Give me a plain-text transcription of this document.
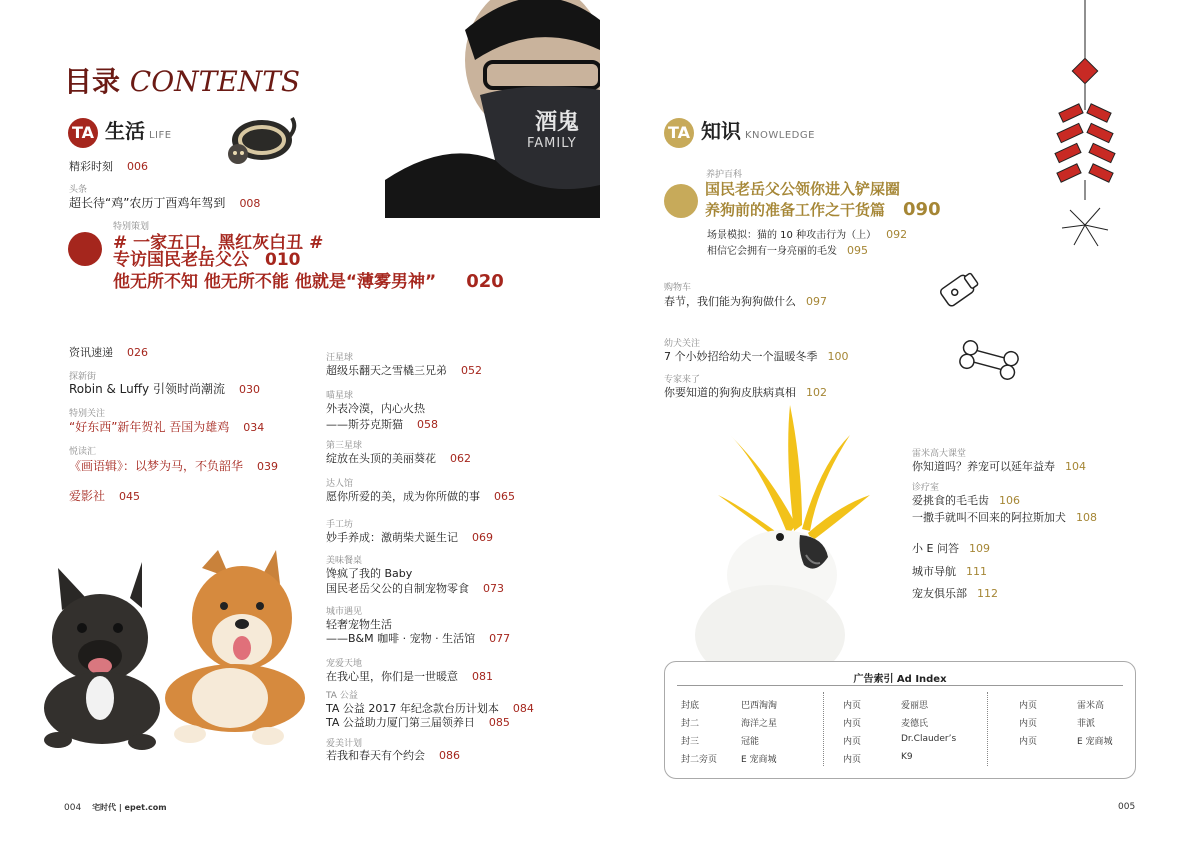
目录 CONTENTS
TA 生活 LIFE
精彩时刻 006
头条
超长待“鸡”农历丁酉鸡年驾到 008
特别策划
# 一家五口，黑红灰白丑 #
专访国民老岳父公 010
他无所不知 他无所不能 他就是“薄雾男神” 020
酒鬼
FAMILY
资讯速递 026
探新街
Robin & Luffy 引领时尚潮流 030
特别关注
“好东西”新年贺礼 吾国为雄鸡 034
悦读汇
《画语辑》：以梦为马，不负韶华 039
爱影社 045
汪星球
超级乐翻天之雪橇三兄弟 052
喵星球
外表冷漠，内心火热
——斯芬克斯猫 058
第三星球
绽放在头顶的美丽葵花 062
达人馆
愿你所爱的美，成为你所做的事 065
手工坊
妙手养成：激萌柴犬诞生记 069
美味餐桌
馋疯了我的 Baby
国民老岳父公的自制宠物零食 073
城市遇见
轻奢宠物生活
——B&M 咖啡 · 宠物 · 生活馆 077
宠爱天地
在我心里，你们是一世暖意 081
TA 公益
TA 公益 2017 年纪念款台历计划本 084
TA 公益助力厦门第三届领养日 085
爱美计划
若我和春天有个约会 086
TA 知识 KNOWLEDGE
养护百科
国民老岳父公领你进入铲屎圈
养狗前的准备工作之干货篇 090
场景模拟：猫的 10 种攻击行为（上） 092
相信它会拥有一身亮丽的毛发 095
购物车
春节，我们能为狗狗做什么 097
幼犬关注
7 个小妙招给幼犬一个温暖冬季 100
专家来了
你要知道的狗狗皮肤病真相 102
雷米高大课堂
你知道吗？养宠可以延年益寿 104
诊疗室
爱挑食的毛毛齿 106
一撒手就叫不回来的阿拉斯加犬 108
小 E 问答 109
城市导航 111
宠友俱乐部 112
广告索引 Ad Index
封底	巴西淘淘
封二	海洋之星
封三	冠能
封二旁页	E 宠商城
内页	爱丽思
内页	麦德氏
内页	Dr.Clauder’s
内页	K9
内页	雷米高
内页	菲派
内页	E 宠商城
004 宅时代 | epet.com	005
